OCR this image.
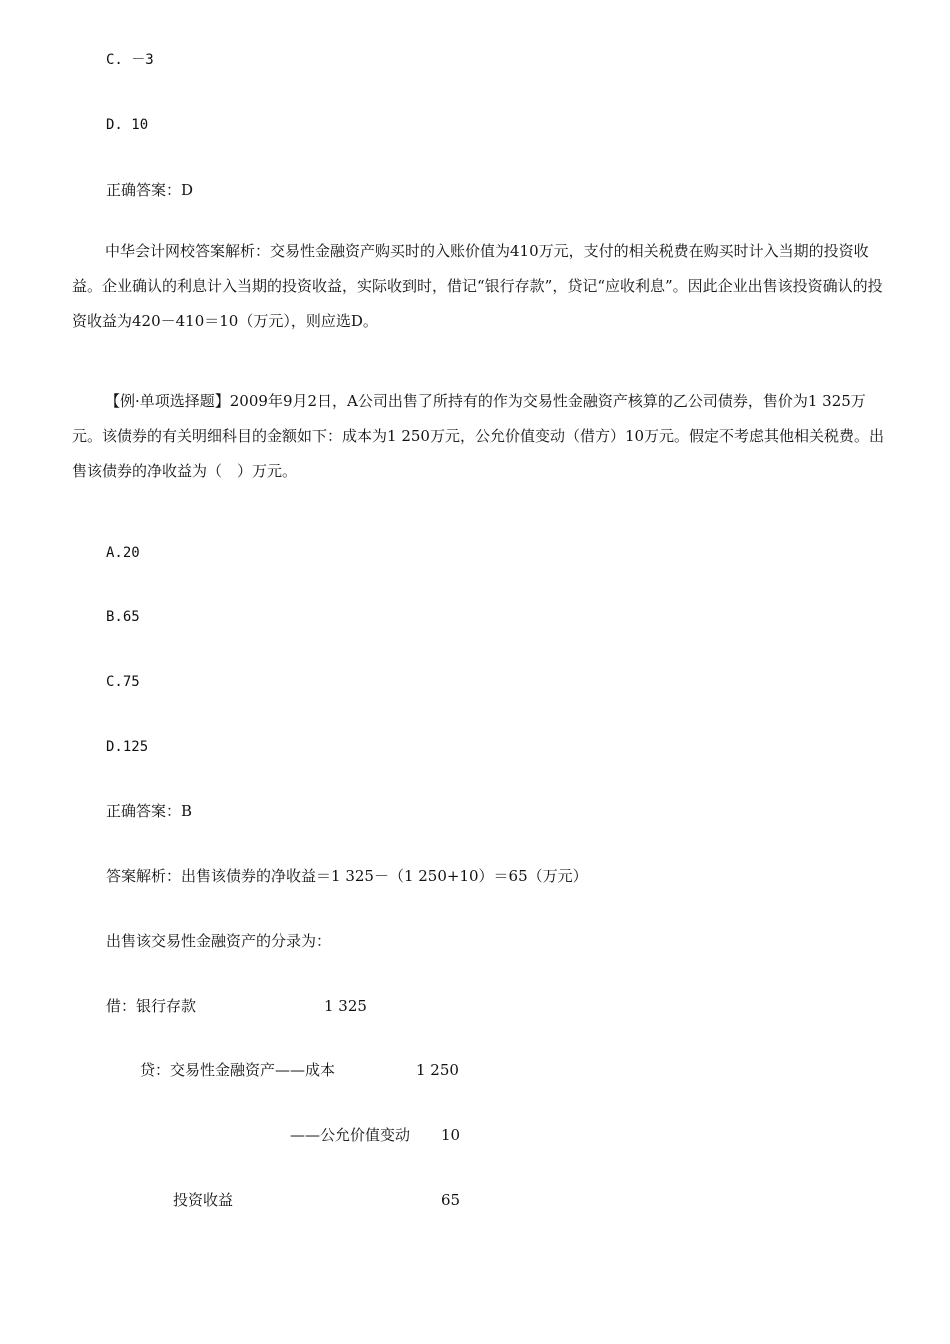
C. －3
D. 10
正确答案：D
中华会计网校答案解析：交易性金融资产购买时的入账价值为410万元，支付的相关税费在购买时计入当期的投资收益。企业确认的利息计入当期的投资收益，实际收到时，借记“银行存款”，贷记“应收利息”。因此企业出售该投资确认的投资收益为420－410＝10（万元），则应选D。
【例·单项选择题】2009年9月2日，A公司出售了所持有的作为交易性金融资产核算的乙公司债券，售价为1 325万元。该债券的有关明细科目的金额如下：成本为1 250万元，公允价值变动（借方）10万元。假定不考虑其他相关税费。出售该债券的净收益为（　）万元。
A.20
B.65
C.75
D.125
正确答案：B
答案解析：出售该债券的净收益＝1 325－（1 250+10）＝65（万元）
出售该交易性金融资产的分录为：
借：银行存款	1 325
贷：交易性金融资产——成本	1 250
——公允价值变动 10
投资收益	65
